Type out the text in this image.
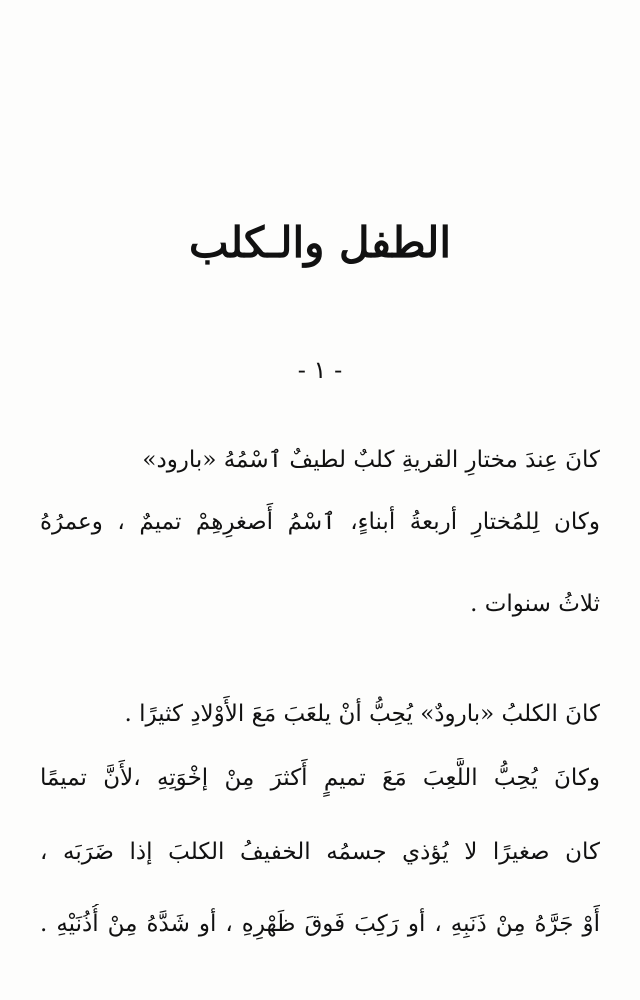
الطفل والـكلب
- ١ -
كانَ عِندَ مختارِ القريةِ كلبٌ لطيفٌ ٱسْمُهُ «بارود»
وكان لِلمُختارِ أربعةُ أبناءٍ، ٱسْمُ أَصغرِهِمْ تميمٌ ، وعمرُهُ
ثلاثُ سنوات .
كانَ الكلبُ «بارودٌ» يُحِبُّ أنْ يلعَبَ مَعَ الأَوْلادِ كثيرًا .
وكانَ يُحِبُّ اللَّعِبَ مَعَ تميمٍ أَكثرَ مِنْ إخْوَتِهِ ،لأَنَّ تميمًا
كان صغيرًا لا يُؤذي جسمُه الخفيفُ الكلبَ إذا ضَرَبَه ،
أَوْ جَرَّهُ مِنْ ذَنَبِهِ ، أو رَكِبَ فَوقَ ظَهْرِهِ ، أو شَدَّهُ مِنْ أُذُنَيْهِ .
